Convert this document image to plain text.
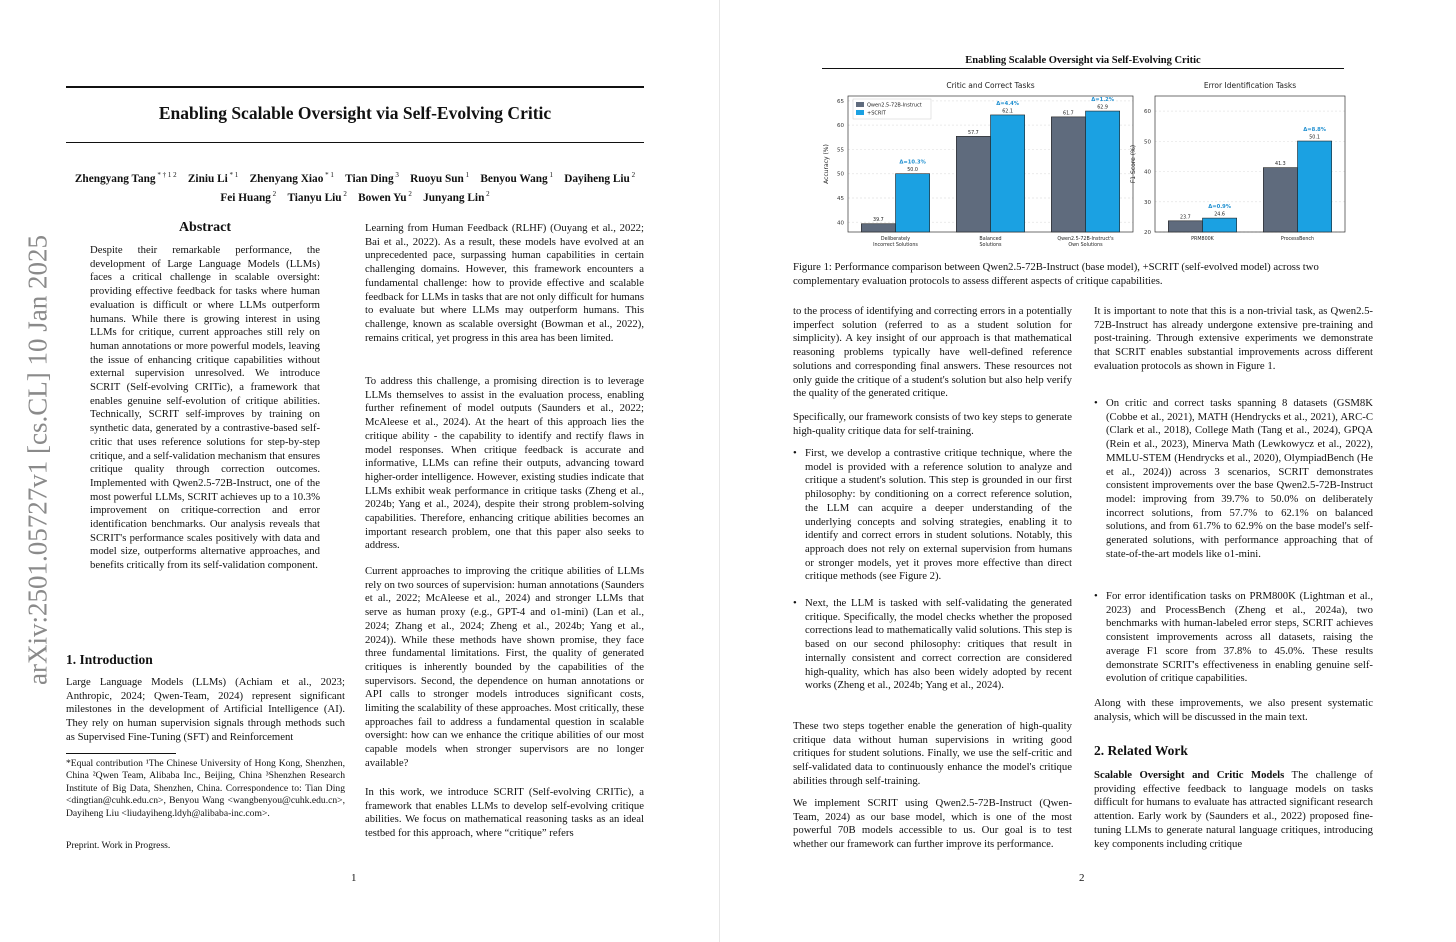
arXiv:2501.05727v1 [cs.CL] 10 Jan 2025
Enabling Scalable Oversight via Self-Evolving Critic
Zhengyang Tang $^{* \dagger 1 2}$   Ziniu Li $^{* 1}$   Zhenyang Xiao $^{* 1}$   Tian Ding $^3$   Ruoyu Sun $^1$   Benyou Wang $^1$   Dayiheng Liu $^2$
Fei Huang $^2$   Tianyu Liu $^2$   Bowen Yu $^2$   Junyang Lin $^2$
Abstract

Despite their remarkable performance, the development of Large Language Models (LLMs) faces a critical challenge in scalable oversight: providing effective feedback for tasks where human evaluation is difficult or where LLMs outperform humans. While there is growing interest in using LLMs for critique, current approaches still rely on human annotations or more powerful models, leaving the issue of enhancing critique capabilities without external supervision unresolved. We introduce SCRIT (Self-evolving CRITic), a framework that enables genuine self-evolution of critique abilities. Technically, SCRIT self-improves by training on synthetic data, generated by a contrastive-based self-critic that uses reference solutions for step-by-step critique, and a self-validation mechanism that ensures critique quality through correction outcomes. Implemented with Qwen2.5-72B-Instruct, one of the most powerful LLMs, SCRIT achieves up to a 10.3% improvement on critique-correction and error identification benchmarks. Our analysis reveals that SCRIT's performance scales positively with data and model size, outperforms alternative approaches, and benefits critically from its self-validation component.

1. Introduction

Large Language Models (LLMs) (Achiam et al., 2023; Anthropic, 2024; Qwen-Team, 2024) represent significant milestones in the development of Artificial Intelligence (AI). They rely on human supervision signals through methods such as Supervised Fine-Tuning (SFT) and Reinforcement

*Equal contribution ¹The Chinese University of Hong Kong, Shenzhen, China ²Qwen Team, Alibaba Inc., Beijing, China ³Shenzhen Research Institute of Big Data, Shenzhen, China. Correspondence to: Tian Ding <dingtian@cuhk.edu.cn>, Benyou Wang <wangbenyou@cuhk.edu.cn>, Dayiheng Liu <liudayiheng.ldyh@alibaba-inc.com>.

Preprint. Work in Progress.

Learning from Human Feedback (RLHF) (Ouyang et al., 2022; Bai et al., 2022). As a result, these models have evolved at an unprecedented pace, surpassing human capabilities in certain challenging domains. However, this framework encounters a fundamental challenge: how to provide effective and scalable feedback for LLMs in tasks that are not only difficult for humans to evaluate but where LLMs may outperform humans. This challenge, known as scalable oversight (Bowman et al., 2022), remains critical, yet progress in this area has been limited.

To address this challenge, a promising direction is to leverage LLMs themselves to assist in the evaluation process, enabling further refinement of model outputs (Saunders et al., 2022; McAleese et al., 2024). At the heart of this approach lies the critique ability - the capability to identify and rectify flaws in model responses. When critique feedback is accurate and informative, LLMs can refine their outputs, advancing toward higher-order intelligence. However, existing studies indicate that LLMs exhibit weak performance in critique tasks (Zheng et al., 2024b; Yang et al., 2024), despite their strong problem-solving capabilities. Therefore, enhancing critique abilities becomes an important research problem, one that this paper also seeks to address.

Current approaches to improving the critique abilities of LLMs rely on two sources of supervision: human annotations (Saunders et al., 2022; McAleese et al., 2024) and stronger LLMs that serve as human proxy (e.g., GPT-4 and o1-mini) (Lan et al., 2024; Zhang et al., 2024; Zheng et al., 2024b; Yang et al., 2024)). While these methods have shown promise, they face three fundamental limitations. First, the quality of generated critiques is inherently bounded by the capabilities of the supervisors. Second, the dependence on human annotations or API calls to stronger models introduces significant costs, limiting the scalability of these approaches. Most critically, these approaches fail to address a fundamental question in scalable oversight: how can we enhance the critique abilities of our most capable models when stronger supervisors are no longer available?

In this work, we introduce SCRIT (Self-evolving CRITic), a framework that enables LLMs to develop self-evolving critique abilities. We focus on mathematical reasoning tasks as an ideal testbed for this approach, where “critique” refers

1
Enabling Scalable Oversight via Self-Evolving Critic
Critic and Correct Tasks
40
45
50
55
60
65
Accuracy (%)
39.7
50.0
Δ=10.3%
Deliberately
Incorrect Solutions
57.7
62.1
Δ=4.4%
Balanced
Solutions
61.7
62.9
Δ=1.2%
Qwen2.5-72B-Instruct's
Own Solutions
Qwen2.5-72B-Instruct
+SCRIT
Error Identification Tasks
20
30
40
50
60
F1 Score (%)
23.7
24.6
Δ=0.9%
PRM800K
41.3
50.1
Δ=8.8%
ProcessBench

Figure 1: Performance comparison between Qwen2.5-72B-Instruct (base model), +SCRIT (self-evolved model) across two complementary evaluation protocols to assess different aspects of critique capabilities.

to the process of identifying and correcting errors in a potentially imperfect solution (referred to as a student solution for simplicity). A key insight of our approach is that mathematical reasoning problems typically have well-defined reference solutions and corresponding final answers. These resources not only guide the critique of a student's solution but also help verify the quality of the generated critique.

Specifically, our framework consists of two key steps to generate high-quality critique data for self-training.

• First, we develop a contrastive critique technique, where the model is provided with a reference solution to analyze and critique a student's solution. This step is grounded in our first philosophy: by conditioning on a correct reference solution, the LLM can acquire a deeper understanding of the underlying concepts and solving strategies, enabling it to identify and correct errors in student solutions. Notably, this approach does not rely on external supervision from humans or stronger models, yet it proves more effective than direct critique methods (see Figure 2).

• Next, the LLM is tasked with self-validating the generated critique. Specifically, the model checks whether the proposed corrections lead to mathematically valid solutions. This step is based on our second philosophy: critiques that result in internally consistent and correct correction are considered high-quality, which has also been widely adopted by recent works (Zheng et al., 2024b; Yang et al., 2024).

These two steps together enable the generation of high-quality critique data without human supervisions in writing good critiques for student solutions. Finally, we use the self-critic and self-validated data to continuously enhance the model's critique abilities through self-training.

We implement SCRIT using Qwen2.5-72B-Instruct (Qwen-Team, 2024) as our base model, which is one of the most powerful 70B models accessible to us. Our goal is to test whether our framework can further improve its performance.

It is important to note that this is a non-trivial task, as Qwen2.5-72B-Instruct has already undergone extensive pre-training and post-training. Through extensive experiments we demonstrate that SCRIT enables substantial improvements across different evaluation protocols as shown in Figure 1.

• On critic and correct tasks spanning 8 datasets (GSM8K (Cobbe et al., 2021), MATH (Hendrycks et al., 2021), ARC-C (Clark et al., 2018), College Math (Tang et al., 2024), GPQA (Rein et al., 2023), Minerva Math (Lewkowycz et al., 2022), MMLU-STEM (Hendrycks et al., 2020), OlympiadBench (He et al., 2024)) across 3 scenarios, SCRIT demonstrates consistent improvements over the base Qwen2.5-72B-Instruct model: improving from 39.7% to 50.0% on deliberately incorrect solutions, from 57.7% to 62.1% on balanced solutions, and from 61.7% to 62.9% on the base model's self-generated solutions, with performance approaching that of state-of-the-art models like o1-mini.

• For error identification tasks on PRM800K (Lightman et al., 2023) and ProcessBench (Zheng et al., 2024a), two benchmarks with human-labeled error steps, SCRIT achieves consistent improvements across all datasets, raising the average F1 score from 37.8% to 45.0%. These results demonstrate SCRIT's effectiveness in enabling genuine self-evolution of critique capabilities.

Along with these improvements, we also present systematic analysis, which will be discussed in the main text.

2. Related Work

Scalable Oversight and Critic Models The challenge of providing effective feedback to language models on tasks difficult for humans to evaluate has attracted significant research attention. Early work by (Saunders et al., 2022) proposed fine-tuning LLMs to generate natural language critiques, introducing key components including critique

2
